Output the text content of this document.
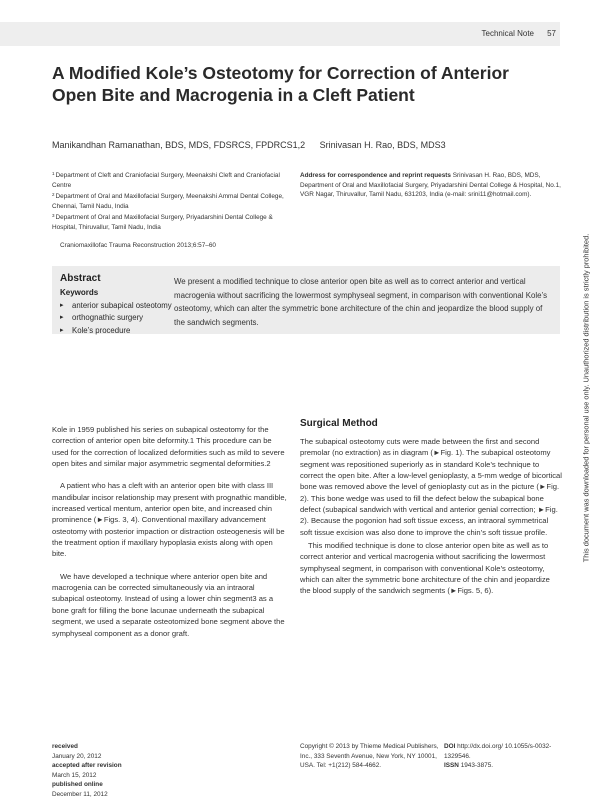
Technical Note 57
A Modified Kole’s Osteotomy for Correction of Anterior Open Bite and Macrogenia in a Cleft Patient
Manikandhan Ramanathan, BDS, MDS, FDSRCS, FPDRCS1,2 Srinivasan H. Rao, BDS, MDS3
$^1$Department of Cleft and Craniofacial Surgery, Meenakshi Cleft and Craniofacial Centre
$^2$Department of Oral and Maxillofacial Surgery, Meenakshi Ammal Dental College, Chennai, Tamil Nadu, India
$^3$Department of Oral and Maxillofacial Surgery, Priyadarshini Dental College & Hospital, Thiruvallur, Tamil Nadu, India
Craniomaxillofac Trauma Reconstruction 2013;6:57–60
Address for correspondence and reprint requests Srinivasan H. Rao, BDS, MDS, Department of Oral and Maxillofacial Surgery, Priyadarshini Dental College & Hospital, No.1, VGR Nagar, Thiruvallur, Tamil Nadu, 631203, India (e-mail: srini11@hotmail.com).
Abstract
Keywords
▸ anterior subapical osteotomy
▸ orthognathic surgery
▸ Kole’s procedure

We present a modified technique to close anterior open bite as well as to correct anterior and vertical macrogenia without sacrificing the lowermost symphyseal segment, in comparison with conventional Kole’s osteotomy, which can alter the symmetric bone architecture of the chin and jeopardize the blood supply of the sandwich segments.

Kole in 1959 published his series on subapical osteotomy for the correction of anterior open bite deformity.1 This procedure can be used for the correction of localized deformities such as mild to severe open bites and similar major asymmetric segmental deformities.2

A patient who has a cleft with an anterior open bite with class III mandibular incisor relationship may present with prognathic mandible, increased vertical mentum, anterior open bite, and increased chin prominence (►Figs. 3, 4). Conventional maxillary advancement osteotomy with posterior impaction or distraction osteogenesis will be the treatment option if maxillary hypoplasia exists along with open bite.

We have developed a technique where anterior open bite and macrogenia can be corrected simultaneously via an intraoral subapical osteotomy. Instead of using a lower chin segment3 as a bone graft for filling the bone lacunae underneath the subapical segment, we used a separate osteotomized bone segment above the symphyseal component as a donor graft.

Surgical Method

The subapical osteotomy cuts were made between the first and second premolar (no extraction) as in diagram (►Fig. 1). The subapical osteotomy segment was repositioned superiorly as in standard Kole’s technique to correct the open bite. After a low-level genioplasty, a 5-mm wedge of bicortical bone was removed above the level of genioplasty cut as in the picture (►Fig. 2). This bone wedge was used to fill the defect below the subapical bone defect (subapical sandwich with vertical and anterior genial correction; ►Fig. 2). Because the pogonion had soft tissue excess, an intraoral symmetrical soft tissue excision was also done to improve the chin’s soft tissue profile.

This modified technique is done to close anterior open bite as well as to correct anterior and vertical macrogenia without sacrificing the lowermost symphyseal segment, in comparison with conventional Kole’s osteotomy, which can alter the symmetric bone architecture of the chin and jeopardize the blood supply of the sandwich segments (►Figs. 5, 6).

received
January 20, 2012
accepted after revision
March 15, 2012
published online
December 11, 2012
Copyright © 2013 by Thieme Medical Publishers, Inc., 333 Seventh Avenue, New York, NY 10001, USA. Tel: +1(212) 584-4662.
DOI http://dx.doi.org/ 10.1055/s-0032-1329546.
ISSN 1943-3875.
This document was downloaded for personal use only. Unauthorized distribution is strictly prohibited.
